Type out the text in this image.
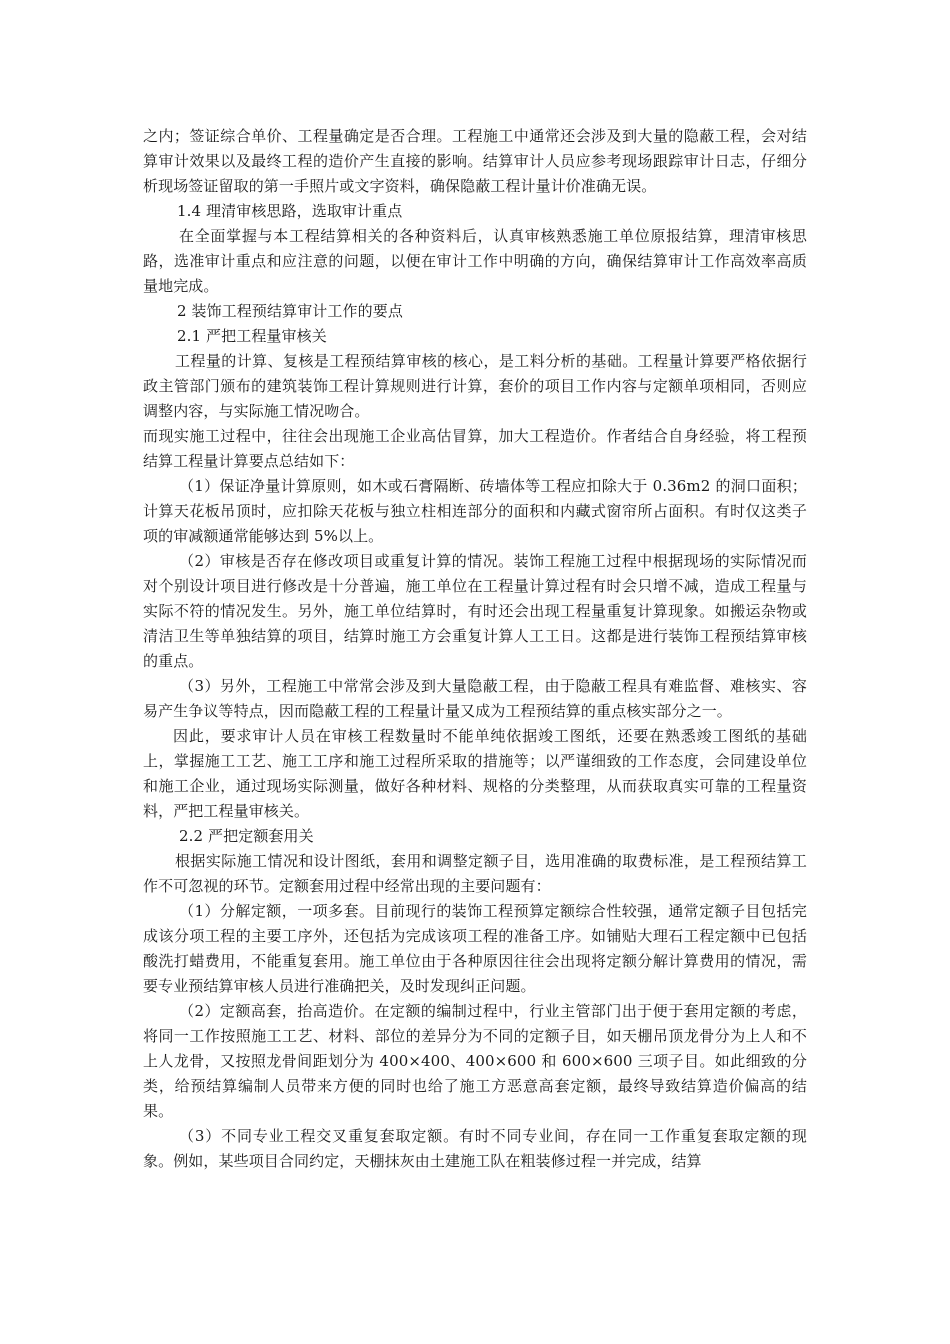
之内；签证综合单价、工程量确定是否合理。工程施工中通常还会涉及到大量的隐蔽工程，会对结算审计效果以及最终工程的造价产生直接的影响。结算审计人员应参考现场跟踪审计日志，仔细分析现场签证留取的第一手照片或文字资料，确保隐蔽工程计量计价准确无误。

1.4 理清审核思路，选取审计重点

在全面掌握与本工程结算相关的各种资料后，认真审核熟悉施工单位原报结算，理清审核思路，选准审计重点和应注意的问题，以便在审计工作中明确的方向，确保结算审计工作高效率高质量地完成。

2 装饰工程预结算审计工作的要点

2.1 严把工程量审核关

工程量的计算、复核是工程预结算审核的核心，是工料分析的基础。工程量计算要严格依据行政主管部门颁布的建筑装饰工程计算规则进行计算，套价的项目工作内容与定额单项相同，否则应调整内容，与实际施工情况吻合。

而现实施工过程中，往往会出现施工企业高估冒算，加大工程造价。作者结合自身经验，将工程预结算工程量计算要点总结如下：

（1）保证净量计算原则，如木或石膏隔断、砖墙体等工程应扣除大于 0.36m2 的洞口面积；计算天花板吊顶时，应扣除天花板与独立柱相连部分的面积和内藏式窗帘所占面积。有时仅这类子项的审减额通常能够达到 5%以上。

（2）审核是否存在修改项目或重复计算的情况。装饰工程施工过程中根据现场的实际情况而对个别设计项目进行修改是十分普遍，施工单位在工程量计算过程有时会只增不减，造成工程量与实际不符的情况发生。另外，施工单位结算时，有时还会出现工程量重复计算现象。如搬运杂物或清洁卫生等单独结算的项目，结算时施工方会重复计算人工工日。这都是进行装饰工程预结算审核的重点。

（3）另外，工程施工中常常会涉及到大量隐蔽工程，由于隐蔽工程具有难监督、难核实、容易产生争议等特点，因而隐蔽工程的工程量计量又成为工程预结算的重点核实部分之一。

因此，要求审计人员在审核工程数量时不能单纯依据竣工图纸，还要在熟悉竣工图纸的基础上，掌握施工工艺、施工工序和施工过程所采取的措施等；以严谨细致的工作态度，会同建设单位和施工企业，通过现场实际测量，做好各种材料、规格的分类整理，从而获取真实可靠的工程量资料，严把工程量审核关。

2.2 严把定额套用关

根据实际施工情况和设计图纸，套用和调整定额子目，选用准确的取费标准，是工程预结算工作不可忽视的环节。定额套用过程中经常出现的主要问题有：

（1）分解定额，一项多套。目前现行的装饰工程预算定额综合性较强，通常定额子目包括完成该分项工程的主要工序外，还包括为完成该项工程的准备工序。如铺贴大理石工程定额中已包括酸洗打蜡费用，不能重复套用。施工单位由于各种原因往往会出现将定额分解计算费用的情况，需要专业预结算审核人员进行准确把关，及时发现纠正问题。

（2）定额高套，抬高造价。在定额的编制过程中，行业主管部门出于便于套用定额的考虑，将同一工作按照施工工艺、材料、部位的差异分为不同的定额子目，如天棚吊顶龙骨分为上人和不上人龙骨，又按照龙骨间距划分为 400×400、400×600 和 600×600 三项子目。如此细致的分类，给预结算编制人员带来方便的同时也给了施工方恶意高套定额，最终导致结算造价偏高的结果。

（3）不同专业工程交叉重复套取定额。有时不同专业间，存在同一工作重复套取定额的现象。例如，某些项目合同约定，天棚抹灰由土建施工队在粗装修过程一并完成，结算
